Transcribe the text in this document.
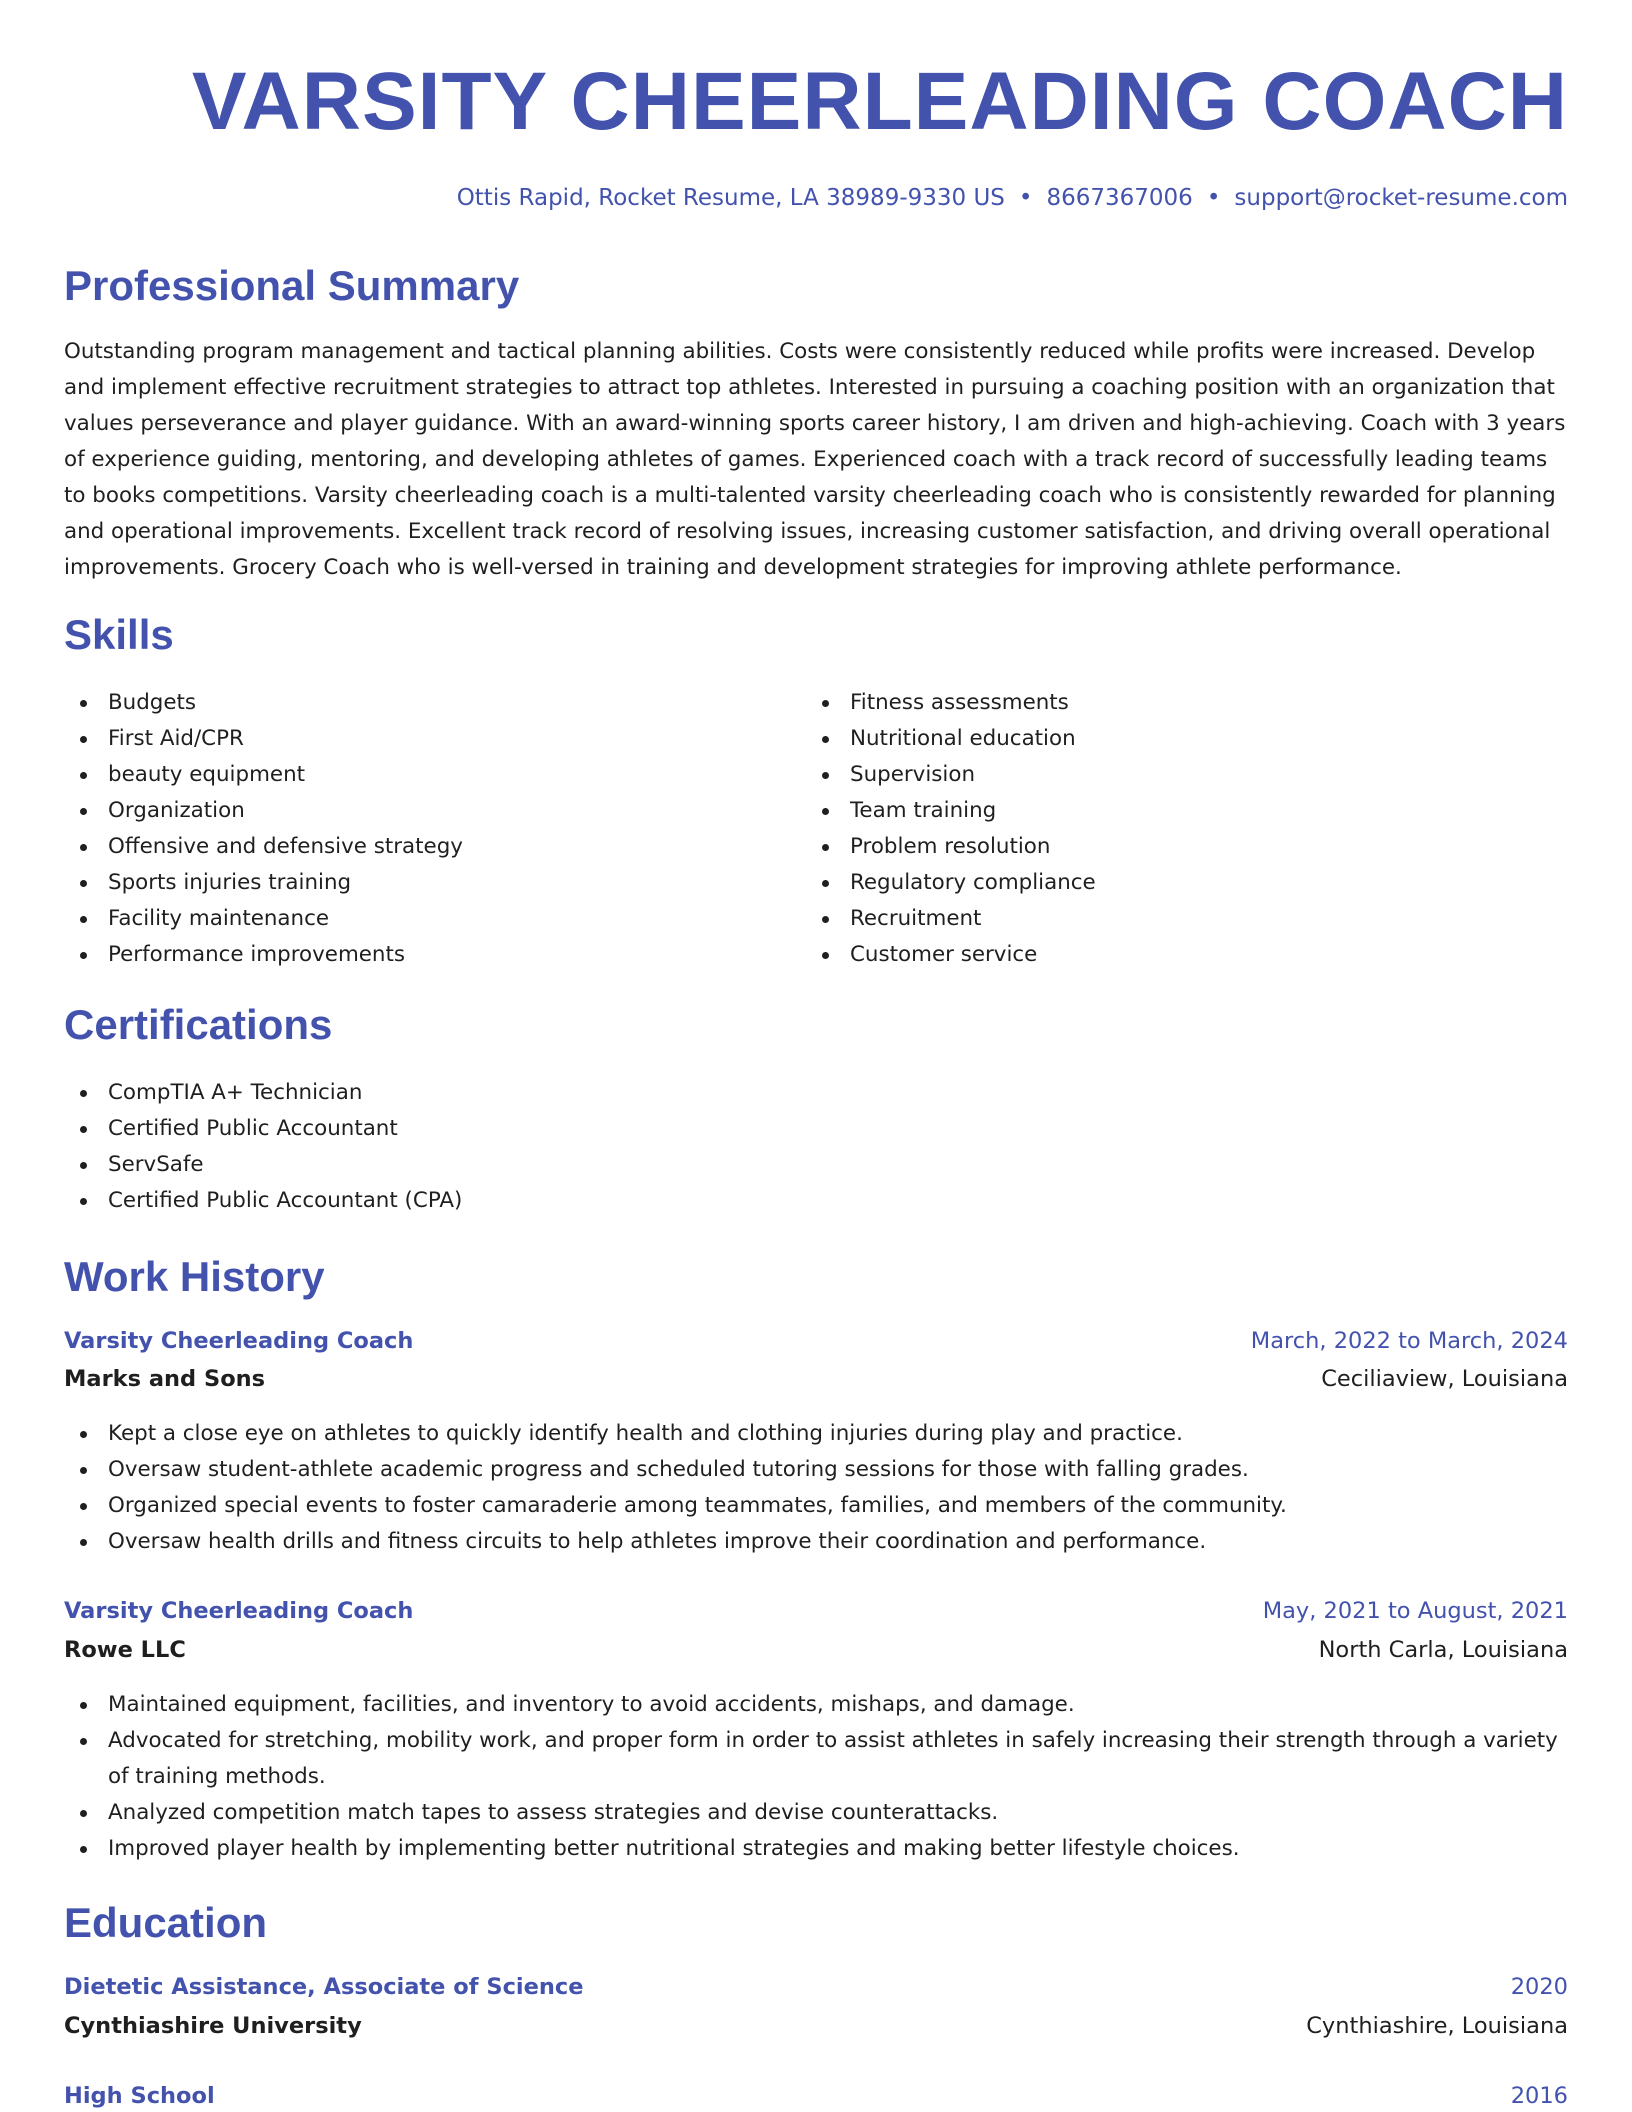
VARSITY CHEERLEADING COACH
Ottis Rapid, Rocket Resume, LA 38989-9330 US • 8667367006 • support@rocket-resume.com
Professional Summary

Outstanding program management and tactical planning abilities. Costs were consistently reduced while profits were increased. Develop and implement effective recruitment strategies to attract top athletes. Interested in pursuing a coaching position with an organization that values perseverance and player guidance. With an award-winning sports career history, I am driven and high-achieving. Coach with 3 years of experience guiding, mentoring, and developing athletes of games. Experienced coach with a track record of successfully leading teams to books competitions. Varsity cheerleading coach is a multi-talented varsity cheerleading coach who is consistently rewarded for planning and operational improvements. Excellent track record of resolving issues, increasing customer satisfaction, and driving overall operational improvements. Grocery Coach who is well-versed in training and development strategies for improving athlete performance.

Skills
Budgets
First Aid/CPR
beauty equipment
Organization
Offensive and defensive strategy
Sports injuries training
Facility maintenance
Performance improvements
Fitness assessments
Nutritional education
Supervision
Team training
Problem resolution
Regulatory compliance
Recruitment
Customer service
Certifications
CompTIA A+ Technician
Certified Public Accountant
ServSafe
Certified Public Accountant (CPA)
Work History
Varsity Cheerleading Coach	March, 2022 to March, 2024
Marks and Sons	Ceciliaview, Louisiana
Kept a close eye on athletes to quickly identify health and clothing injuries during play and practice.
Oversaw student-athlete academic progress and scheduled tutoring sessions for those with falling grades.
Organized special events to foster camaraderie among teammates, families, and members of the community.
Oversaw health drills and fitness circuits to help athletes improve their coordination and performance.
Varsity Cheerleading Coach	May, 2021 to August, 2021
Rowe LLC	North Carla, Louisiana
Maintained equipment, facilities, and inventory to avoid accidents, mishaps, and damage.
Advocated for stretching, mobility work, and proper form in order to assist athletes in safely increasing their strength through a variety of training methods.
Analyzed competition match tapes to assess strategies and devise counterattacks.
Improved player health by implementing better nutritional strategies and making better lifestyle choices.
Education
Dietetic Assistance, Associate of Science	2020
Cynthiashire University	Cynthiashire, Louisiana
High School	2016
